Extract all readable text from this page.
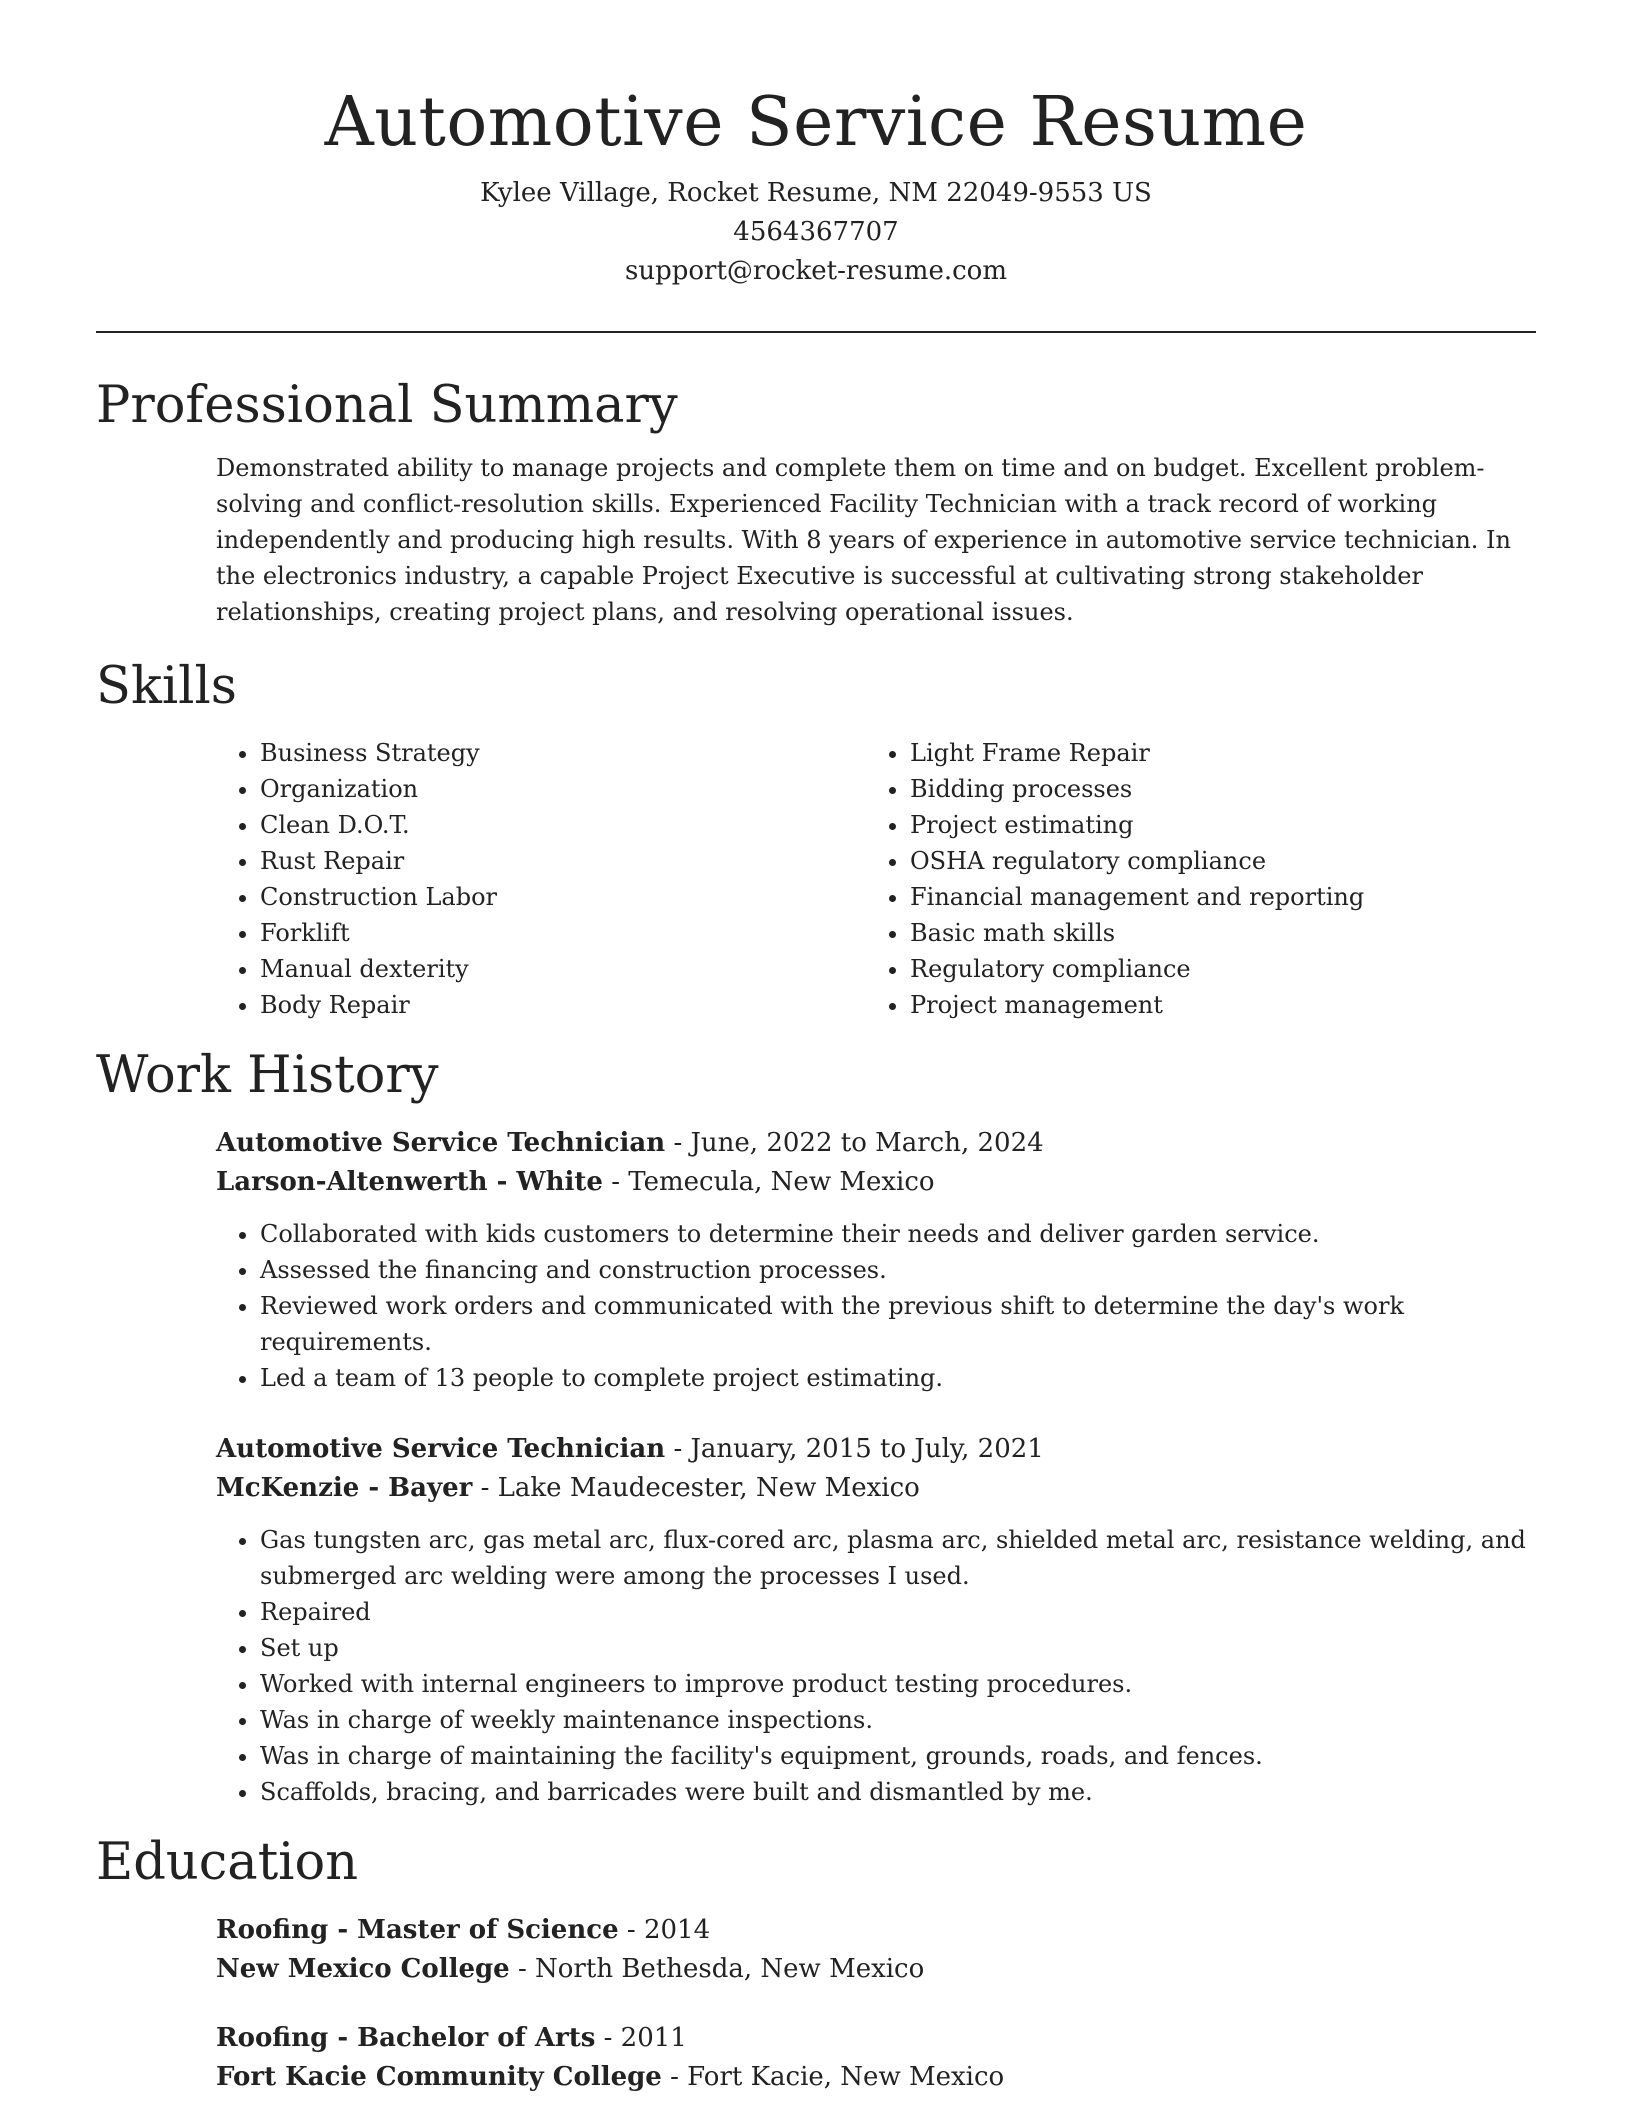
Automotive Service Resume

Kylee Village, Rocket Resume, NM 22049-9553 US

4564367707

support@rocket-resume.com

Professional Summary

Demonstrated ability to manage projects and complete them on time and on budget. Excellent problem-solving and conflict-resolution skills. Experienced Facility Technician with a track record of working independently and producing high results. With 8 years of experience in automotive service technician. In the electronics industry, a capable Project Executive is successful at cultivating strong stakeholder relationships, creating project plans, and resolving operational issues.

Skills
• Business Strategy
• Organization
• Clean D.O.T.
• Rust Repair
• Construction Labor
• Forklift
• Manual dexterity
• Body Repair
• Light Frame Repair
• Bidding processes
• Project estimating
• OSHA regulatory compliance
• Financial management and reporting
• Basic math skills
• Regulatory compliance
• Project management
Work History

Automotive Service Technician - June, 2022 to March, 2024

Larson-Altenwerth - White - Temecula, New Mexico

• Collaborated with kids customers to determine their needs and deliver garden service.
• Assessed the financing and construction processes.
• Reviewed work orders and communicated with the previous shift to determine the day's work requirements.
• Led a team of 13 people to complete project estimating.

Automotive Service Technician - January, 2015 to July, 2021

McKenzie - Bayer - Lake Maudecester, New Mexico

• Gas tungsten arc, gas metal arc, flux-cored arc, plasma arc, shielded metal arc, resistance welding, and submerged arc welding were among the processes I used.
• Repaired
• Set up
• Worked with internal engineers to improve product testing procedures.
• Was in charge of weekly maintenance inspections.
• Was in charge of maintaining the facility's equipment, grounds, roads, and fences.
• Scaffolds, bracing, and barricades were built and dismantled by me.
Education

Roofing - Master of Science - 2014

New Mexico College - North Bethesda, New Mexico

Roofing - Bachelor of Arts - 2011

Fort Kacie Community College - Fort Kacie, New Mexico
